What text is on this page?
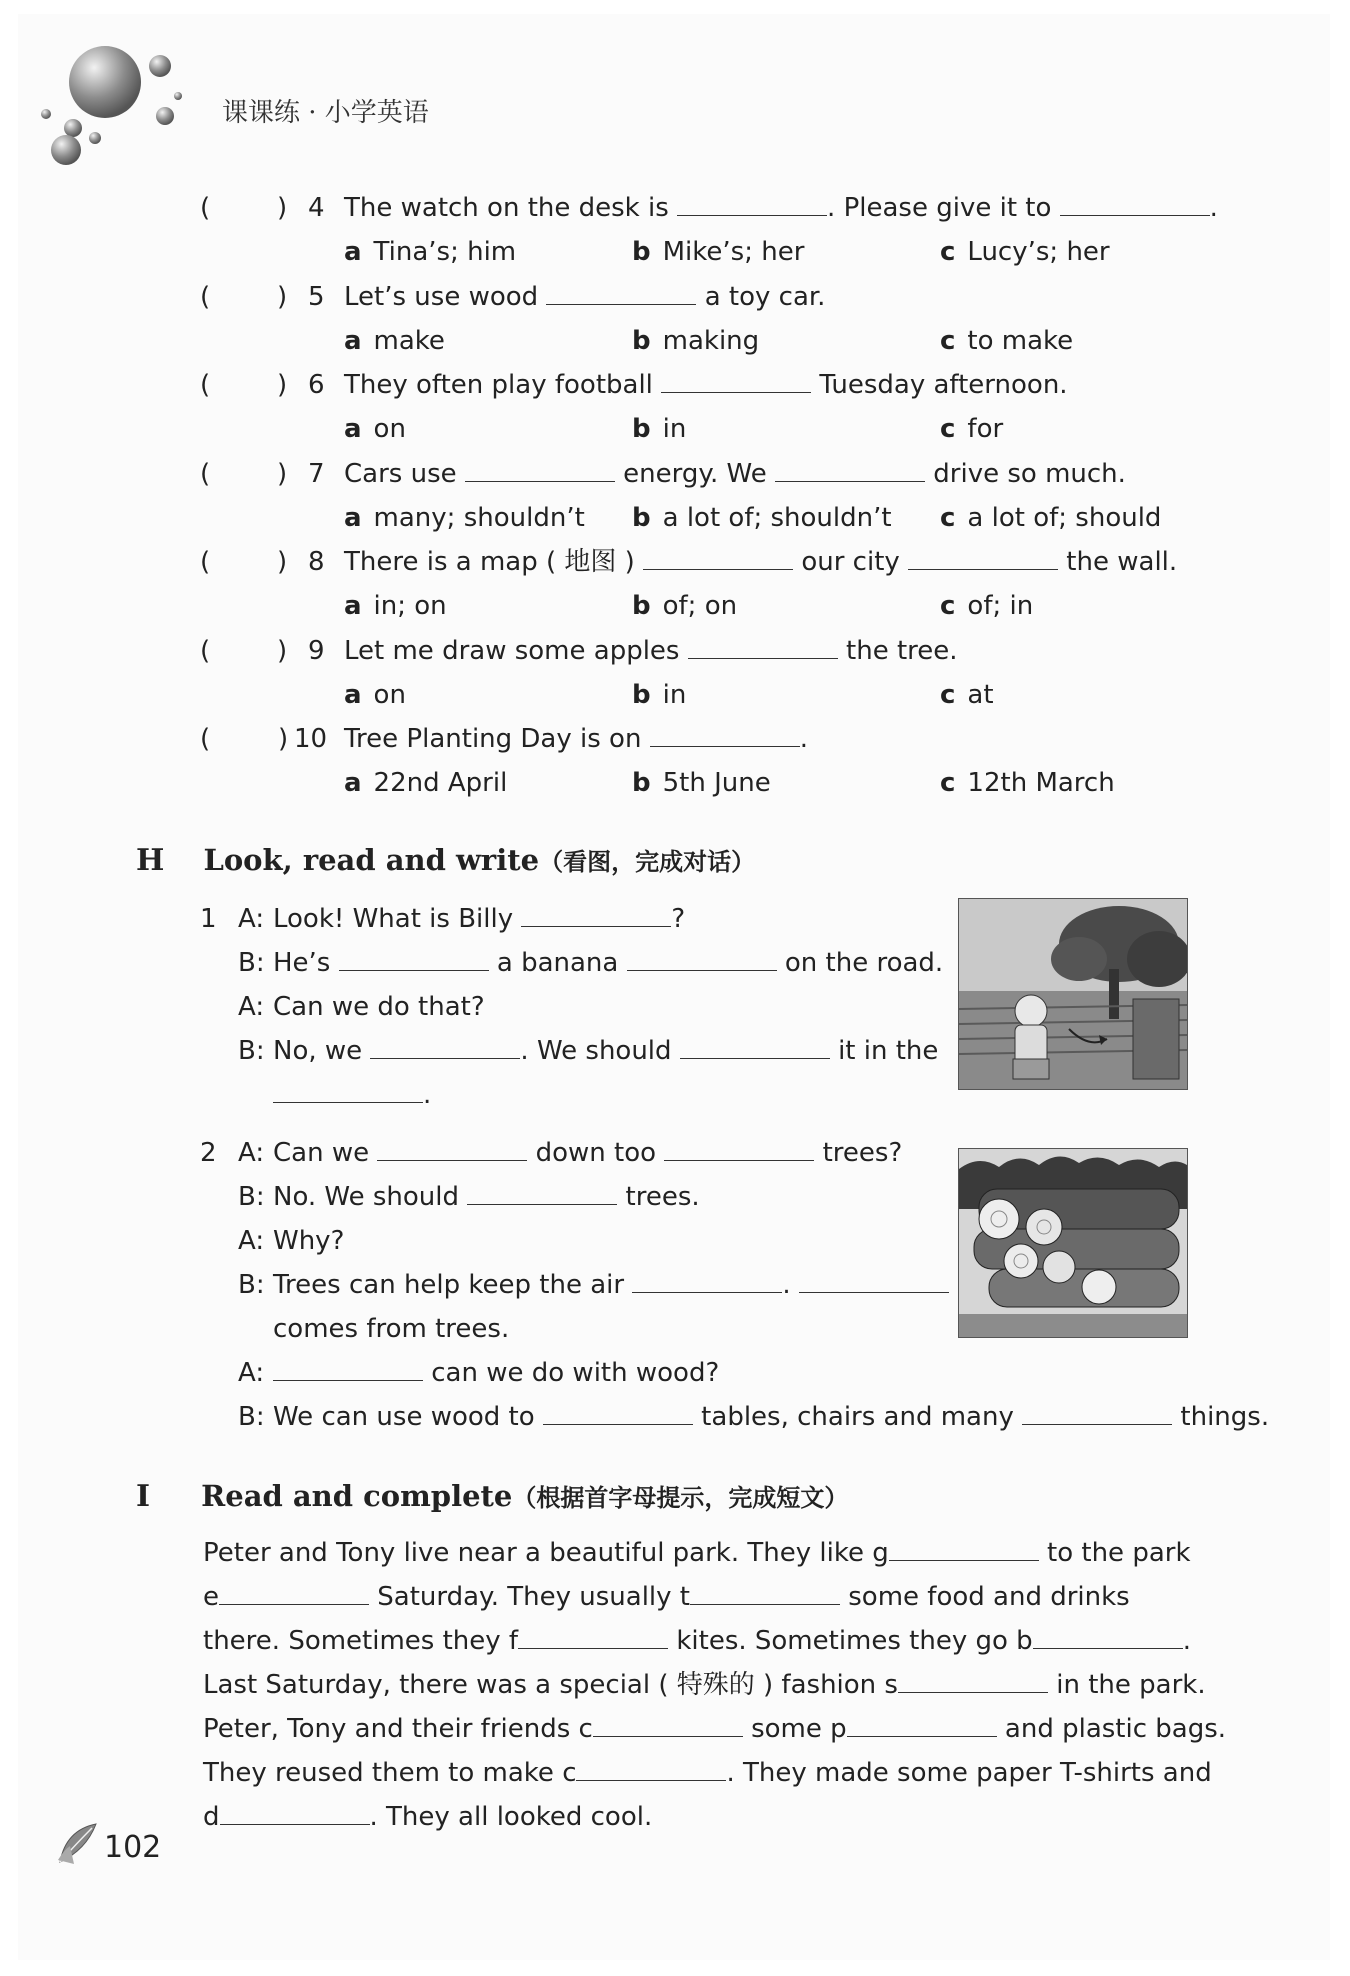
课课练 · 小学英语
H Look, read and write（看图，完成对话）
I Read and complete（根据首字母提示，完成短文）
102
(	) 4 The watch on the desk is	. Please give it to	.
a Tina’s; him	b Mike’s; her	c Lucy’s; her
(	) 5 Let’s use wood	a toy car.
a make	b making	c to make
(	) 6 They often play football	Tuesday afternoon.
a on	b in	c for
(	) 7 Cars use	energy. We	drive so much.
a many; shouldn’t b a lot of; shouldn’t c a lot of; should
(	) 8 There is a map ( 地图 )	our city	the wall.
a in; on	b of; on	c of; in
(	) 9 Let me draw some apples	the tree.
a on	b in	c at
(	) 10 Tree Planting Day is on	.
a 22nd April	b 5th June	c 12th March
1 A: Look! What is Billy	?
B: He’s	a banana	on the road.
A: Can we do that?
B: No, we	. We should	it in the
.
2 A: Can we	down too	trees?
B: No. We should	trees.
A: Why?
B: Trees can help keep the air	.
comes from trees.
A:	can we do with wood?
B: We can use wood to	tables, chairs and many	things.
Peter and Tony live near a beautiful park. They like g	to the park
e	Saturday. They usually t	some food and drinks
there. Sometimes they f	kites. Sometimes they go b	.
Last Saturday, there was a special ( 特殊的 ) fashion s	in the park.
Peter, Tony and their friends c	some p	and plastic bags.
They reused them to make c	. They made some paper T-shirts and
d	. They all looked cool.
